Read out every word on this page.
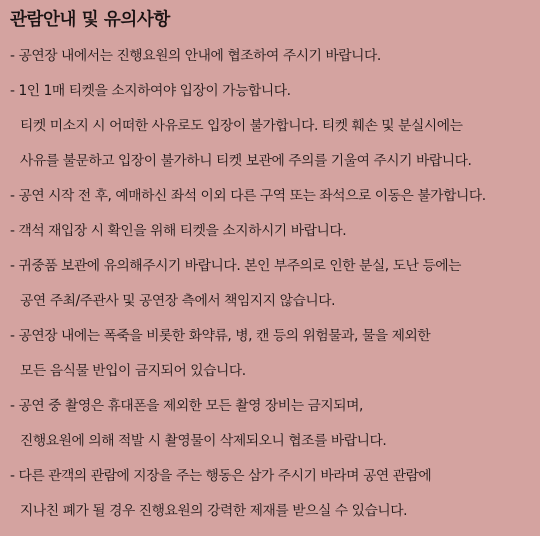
관람안내 및 유의사항
- 공연장 내에서는 진행요원의 안내에 협조하여 주시기 바랍니다.
- 1인 1매 티켓을 소지하여야 입장이 가능합니다.
티켓 미소지 시 어떠한 사유로도 입장이 불가합니다. 티켓 훼손 및 분실시에는
사유를 불문하고 입장이 불가하니 티켓 보관에 주의를 기울여 주시기 바랍니다.
- 공연 시작 전 후, 예매하신 좌석 이외 다른 구역 또는 좌석으로 이동은 불가합니다.
- 객석 재입장 시 확인을 위해 티켓을 소지하시기 바랍니다.
- 귀중품 보관에 유의해주시기 바랍니다. 본인 부주의로 인한 분실, 도난 등에는
공연 주최/주관사 및 공연장 측에서 책임지지 않습니다.
- 공연장 내에는 폭죽을 비롯한 화약류, 병, 캔 등의 위험물과, 물을 제외한
모든 음식물 반입이 금지되어 있습니다.
- 공연 중 촬영은 휴대폰을 제외한 모든 촬영 장비는 금지되며,
진행요원에 의해 적발 시 촬영물이 삭제되오니 협조를 바랍니다.
- 다른 관객의 관람에 지장을 주는 행동은 삼가 주시기 바라며 공연 관람에
지나친 폐가 될 경우 진행요원의 강력한 제재를 받으실 수 있습니다.
